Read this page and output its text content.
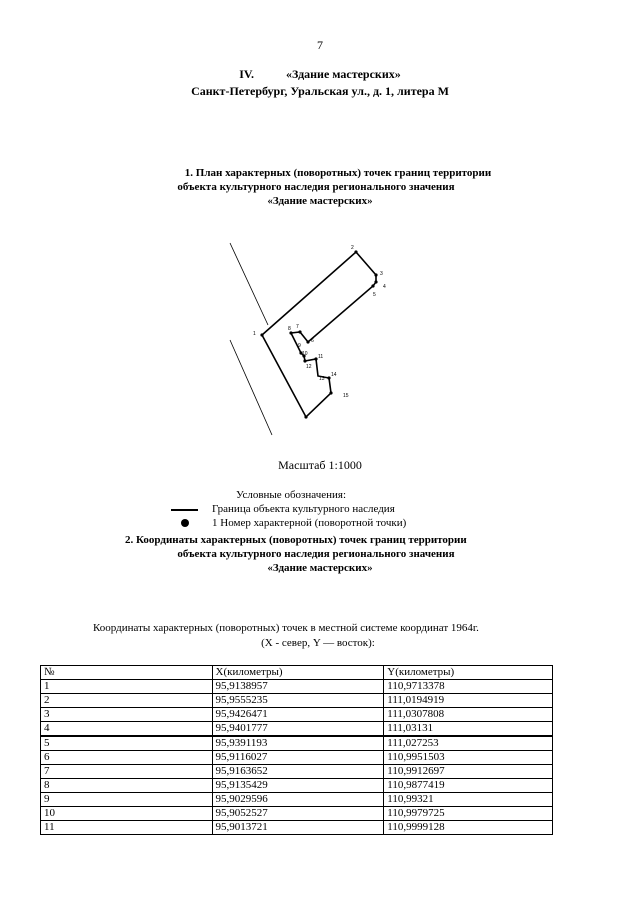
7
IV.	«Здание мастерских»
Санкт-Петербург, Уральская ул., д. 1, литера М
1. План характерных (поворотных) точек границ территории
объекта культурного наследия регионального значения
«Здание мастерских»
1
2
3
4
5
6
7
8
9
10 11
12
13
14
15
Масштаб 1:1000
Условные обозначения:
Граница объекта культурного наследия
1 Номер характерной (поворотной точки)
2. Координаты характерных (поворотных) точек границ территории
объекта культурного наследия регионального значения
«Здание мастерских»
Координаты характерных (поворотных) точек в местной системе координат 1964г.
(X - север, Y — восток):
№	X(километры)	Y(километры)
1	95,9138957	110,9713378
2	95,9555235	111,0194919
3	95,9426471	111,0307808
4	95,9401777	111,03131
5	95,9391193	111,027253
6	95,9116027	110,9951503
7	95,9163652	110,9912697
8	95,9135429	110,9877419
9	95,9029596	110,99321
10	95,9052527	110,9979725
11	95,9013721	110,9999128
